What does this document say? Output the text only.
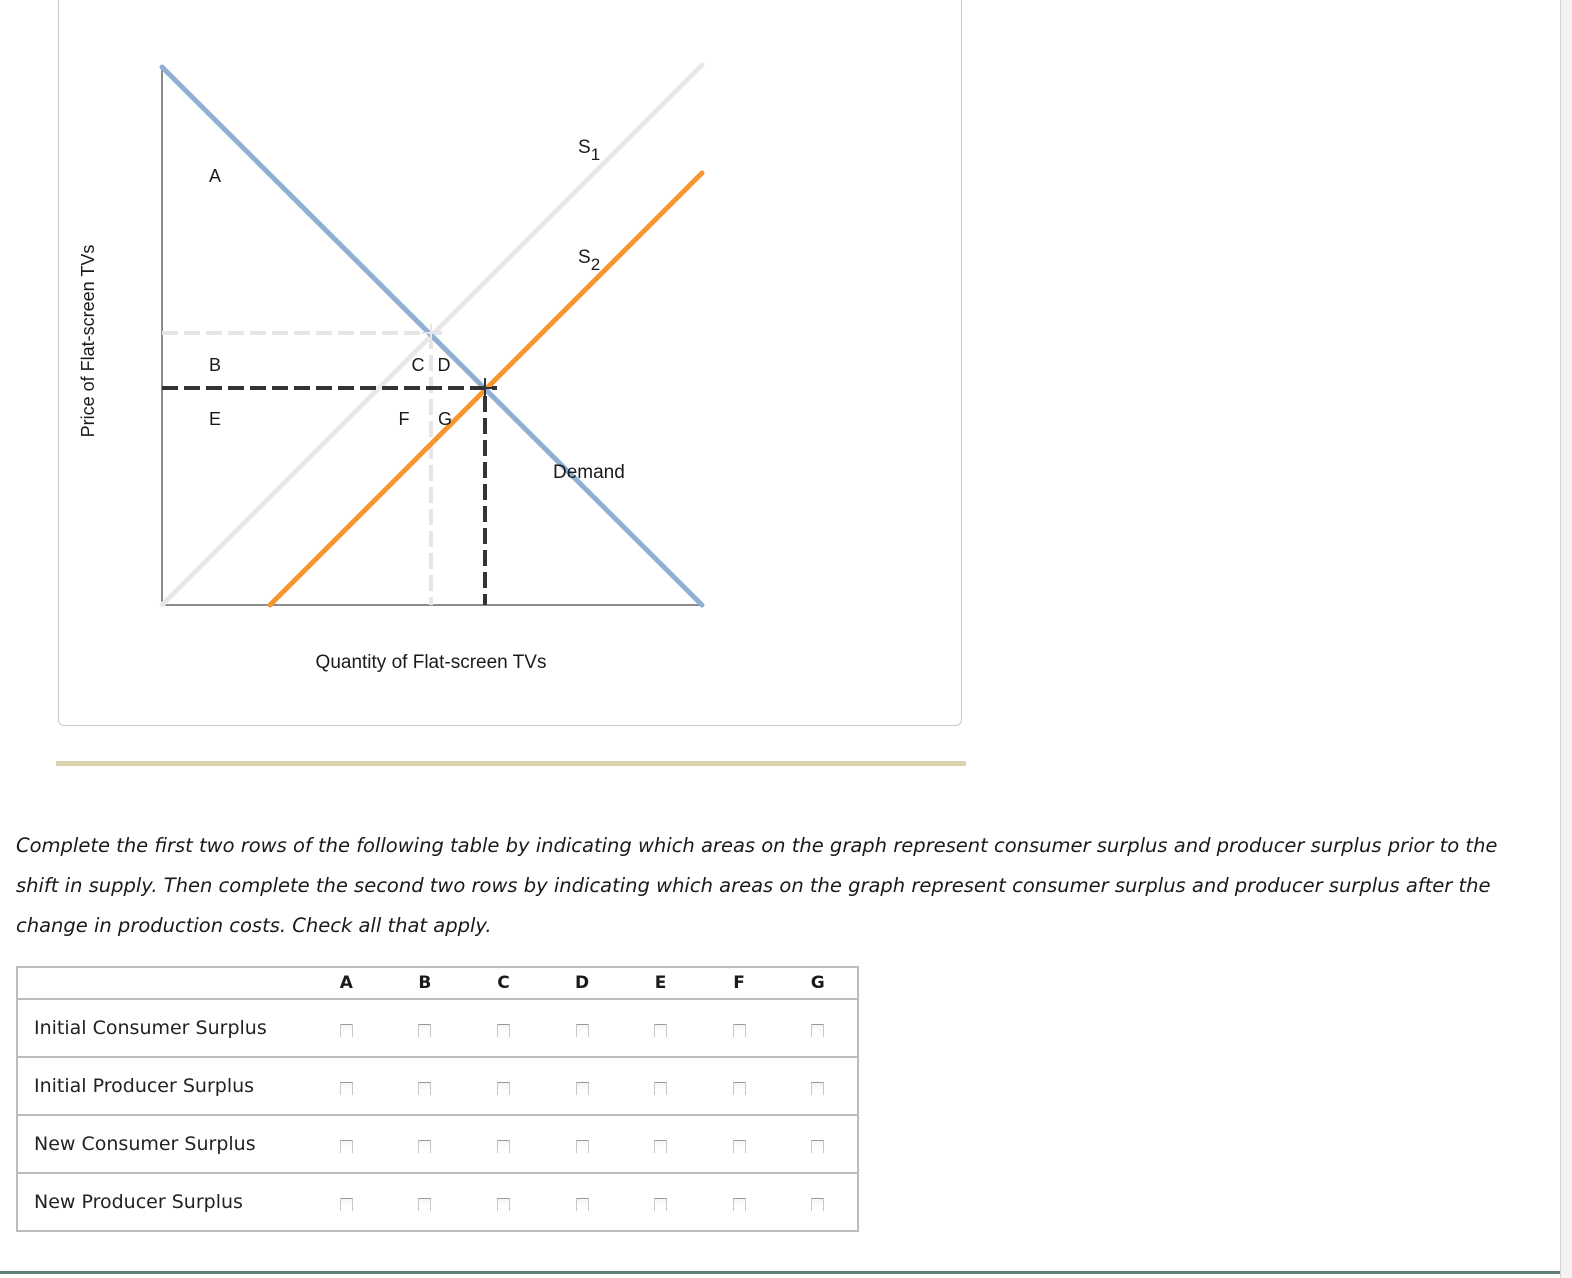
Price of Flat-screen TVs
Quantity of Flat-screen TVs
A
B	C D
E	F G
S1
S2
Demand
Complete the first two rows of the following table by indicating which areas on the graph represent consumer surplus and producer surplus prior to the shift in supply. Then complete the second two rows by indicating which areas on the graph represent consumer surplus and producer surplus after the change in production costs. Check all that apply.
	A	B	C	D	E	F	G
Initial Consumer Surplus							
Initial Producer Surplus							
New Consumer Surplus							
New Producer Surplus							
